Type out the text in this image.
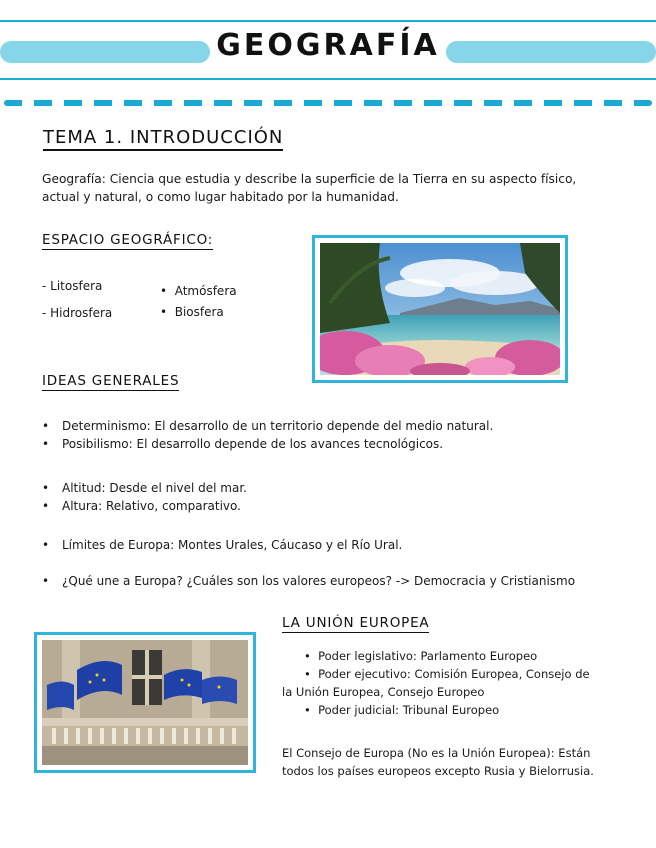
GEOGRAFÍA
TEMA 1. INTRODUCCIÓN
Geografía: Ciencia que estudia y describe la superficie de la Tierra en su aspecto físico, actual y natural, o como lugar habitado por la humanidad.
ESPACIO GEOGRÁFICO:
- Litosfera
- Hidrosfera
•  Atmósfera
•  Biosfera
IDEAS GENERALES
• Determinismo: El desarrollo de un territorio depende del medio natural.
• Posibilismo: El desarrollo depende de los avances tecnológicos.
• Altitud: Desde el nivel del mar.
• Altura: Relativo, comparativo.
• Límites de Europa: Montes Urales, Cáucaso y el Río Ural.
• ¿Qué une a Europa? ¿Cuáles son los valores europeos? -> Democracia y Cristianismo
LA UNIÓN EUROPEA
•  Poder legislativo: Parlamento Europeo
•  Poder ejecutivo: Comisión Europea, Consejo de la Unión Europea, Consejo Europeo
•  Poder judicial: Tribunal Europeo
El Consejo de Europa (No es la Unión Europea): Están todos los países europeos excepto Rusia y Bielorrusia.
